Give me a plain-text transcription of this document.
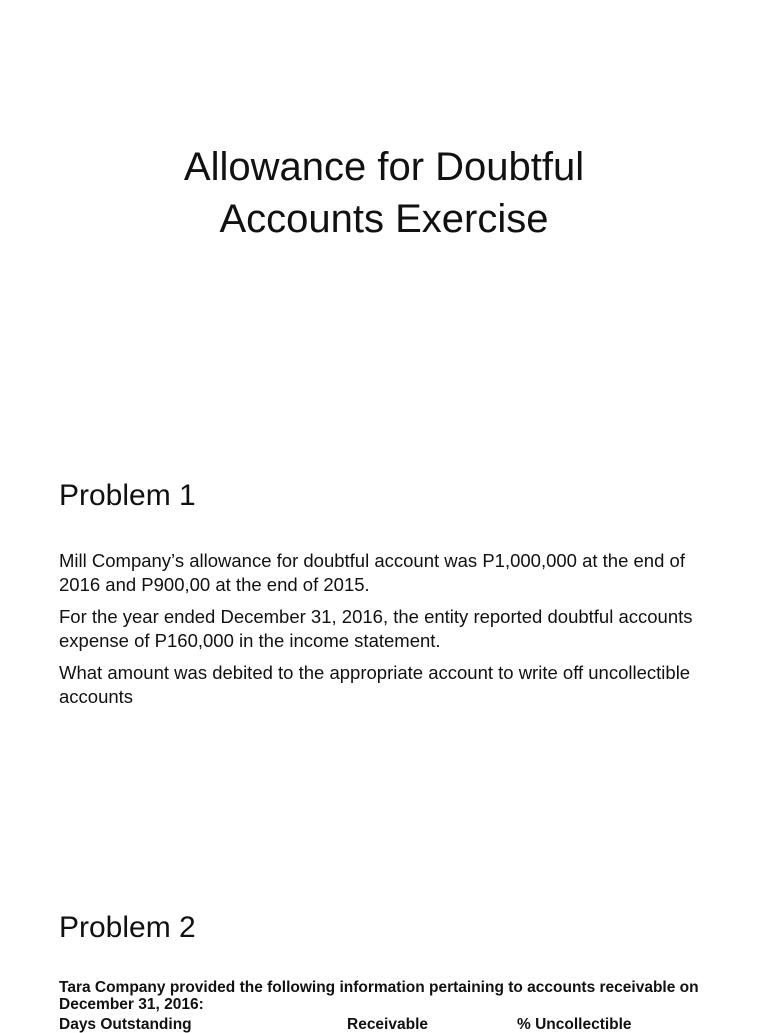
Allowance for Doubtful
Accounts Exercise
Problem 1

Mill Company’s allowance for doubtful account was P1,000,000 at the end of 2016 and P900,00 at the end of 2015.

For the year ended December 31, 2016, the entity reported doubtful accounts expense of P160,000 in the income statement.

What amount was debited to the appropriate account to write off uncollectible accounts

Problem 2

Tara Company provided the following information pertaining to accounts receivable on December 31, 2016:

Days Outstanding	Receivable	% Uncollectible
